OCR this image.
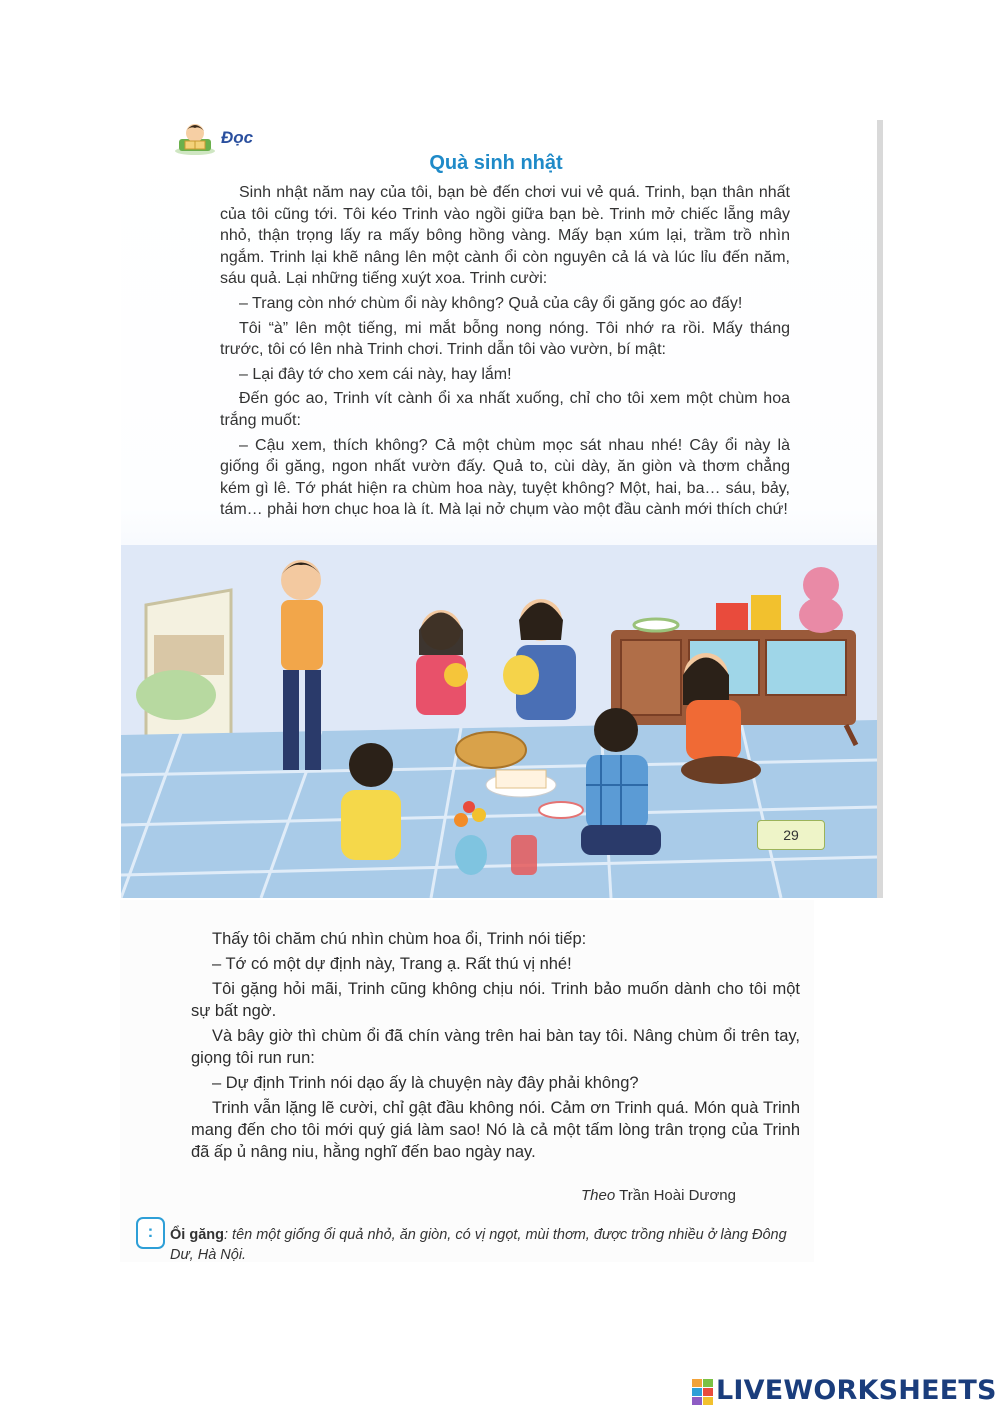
Đọc
Quà sinh nhật

Sinh nhật năm nay của tôi, bạn bè đến chơi vui vẻ quá. Trinh, bạn thân nhất của tôi cũng tới. Tôi kéo Trinh vào ngồi giữa bạn bè. Trinh mở chiếc lẵng mây nhỏ, thận trọng lấy ra mấy bông hồng vàng. Mấy bạn xúm lại, trầm trồ nhìn ngắm. Trinh lại khẽ nâng lên một cành ổi còn nguyên cả lá và lúc lỉu đến năm, sáu quả. Lại những tiếng xuýt xoa. Trinh cười:

– Trang còn nhớ chùm ổi này không? Quả của cây ổi găng góc ao đấy!

Tôi “à” lên một tiếng, mi mắt bỗng nong nóng. Tôi nhớ ra rồi. Mấy tháng trước, tôi có lên nhà Trinh chơi. Trinh dẫn tôi vào vườn, bí mật:

– Lại đây tớ cho xem cái này, hay lắm!

Đến góc ao, Trinh vít cành ổi xa nhất xuống, chỉ cho tôi xem một chùm hoa trắng muốt:

– Cậu xem, thích không? Cả một chùm mọc sát nhau nhé! Cây ổi này là giống ổi găng, ngon nhất vườn đấy. Quả to, cùi dày, ăn giòn và thơm chẳng kém gì lê. Tớ phát hiện ra chùm hoa này, tuyệt không? Một, hai, ba… sáu, bảy, tám… phải hơn chục hoa là ít. Mà lại nở chụm vào một đầu cành mới thích chứ!

29

Thấy tôi chăm chú nhìn chùm hoa ổi, Trinh nói tiếp:

– Tớ có một dự định này, Trang ạ. Rất thú vị nhé!

Tôi gặng hỏi mãi, Trinh cũng không chịu nói. Trinh bảo muốn dành cho tôi một sự bất ngờ.

Và bây giờ thì chùm ổi đã chín vàng trên hai bàn tay tôi. Nâng chùm ổi trên tay, giọng tôi run run:

– Dự định Trinh nói dạo ấy là chuyện này đây phải không?

Trinh vẫn lặng lẽ cười, chỉ gật đầu không nói. Cảm ơn Trinh quá. Món quà Trinh mang đến cho tôi mới quý giá làm sao! Nó là cả một tấm lòng trân trọng của Trinh đã ấp ủ nâng niu, hằng nghĩ đến bao ngày nay.

Theo Trần Hoài Dương
:	Ổi găng: tên một giống ổi quả nhỏ, ăn giòn, có vị ngọt, mùi thơm, được trồng nhiều ở làng Đông Dư, Hà Nội.
LIVEWORKSHEETS
